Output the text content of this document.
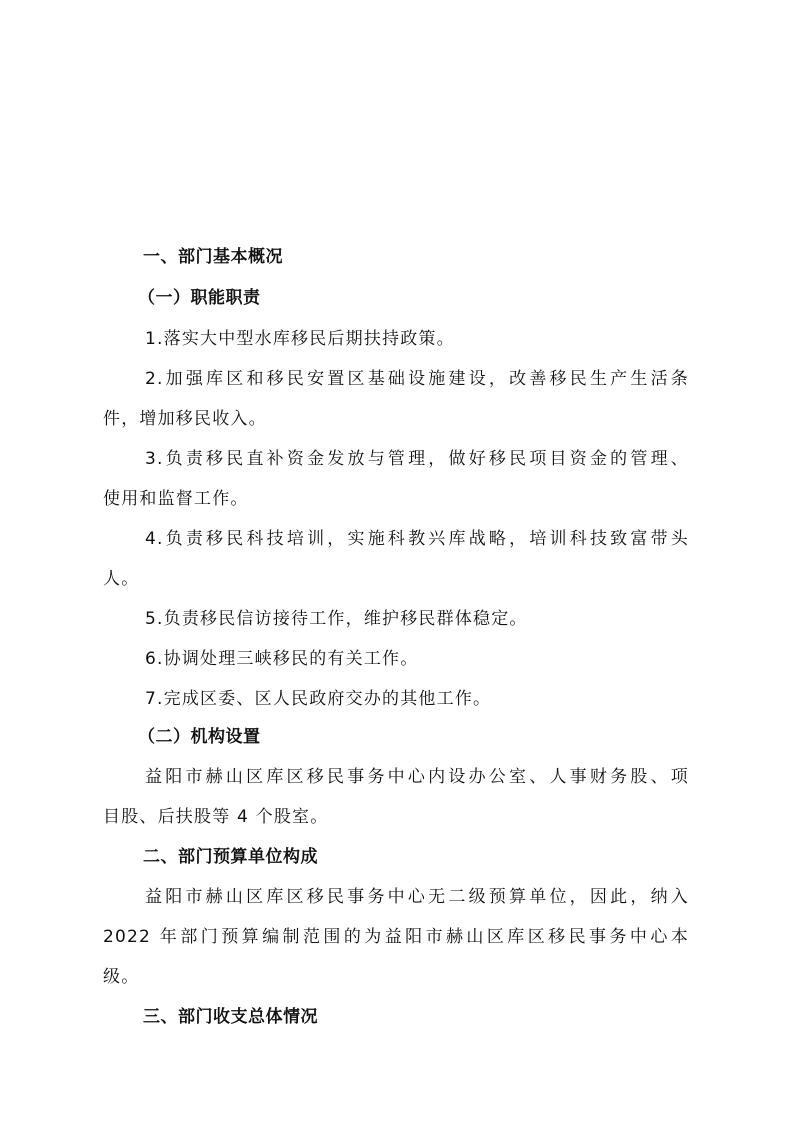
一、部门基本概况
（一）职能职责
1.落实大中型水库移民后期扶持政策。
2.加强库区和移民安置区基础设施建设，改善移民生产生活条
件，增加移民收入。
3.负责移民直补资金发放与管理，做好移民项目资金的管理、
使用和监督工作。
4.负责移民科技培训，实施科教兴库战略，培训科技致富带头
人。
5.负责移民信访接待工作，维护移民群体稳定。
6.协调处理三峡移民的有关工作。
7.完成区委、区人民政府交办的其他工作。
（二）机构设置
益阳市赫山区库区移民事务中心内设办公室、人事财务股、项
目股、后扶股等 4 个股室。
二、部门预算单位构成
益阳市赫山区库区移民事务中心无二级预算单位，因此，纳入
2022 年部门预算编制范围的为益阳市赫山区库区移民事务中心本
级。
三、部门收支总体情况
